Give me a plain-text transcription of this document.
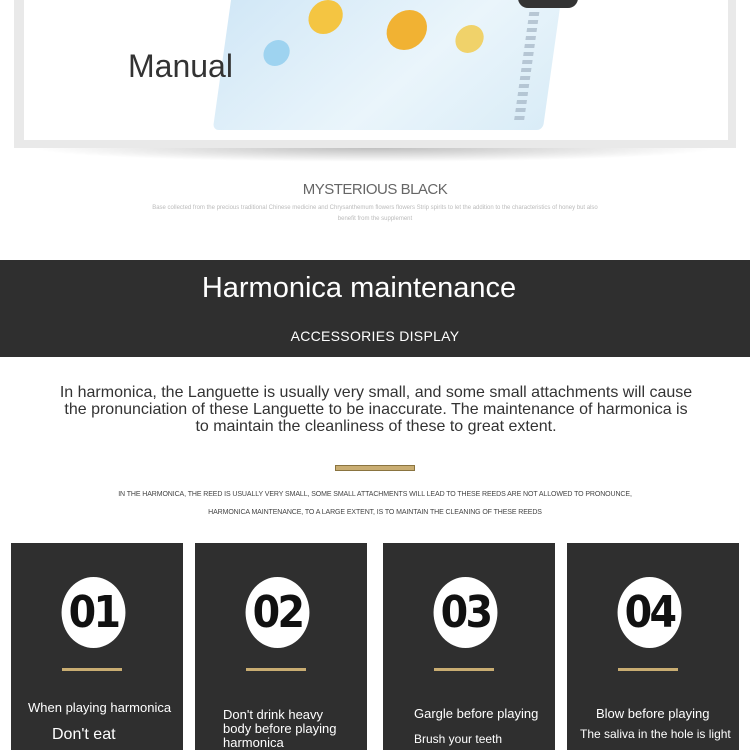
Manual
MYSTERIOUS BLACK
Base collected from the precious traditional Chinese medicine and Chrysanthemum flowers flowers Strip spirits to let the addition to the characteristics of honey but also benefit from the supplement
Harmonica maintenance
ACCESSORIES DISPLAY
In harmonica, the Languette is usually very small, and some small attachments will cause the pronunciation of these Languette to be inaccurate. The maintenance of harmonica is to maintain the cleanliness of these to great extent.
IN THE HARMONICA, THE REED IS USUALLY VERY SMALL, SOME SMALL ATTACHMENTS WILL LEAD TO THESE REEDS ARE NOT ALLOWED TO PRONOUNCE,
HARMONICA MAINTENANCE, TO A LARGE EXTENT, IS TO MAINTAIN THE CLEANING OF THESE REEDS
01
When playing harmonica
Don't eat
02
Don't drink heavy body before playing harmonica
03
Gargle before playing
Brush your teeth
04
Blow before playing
The saliva in the hole is light
